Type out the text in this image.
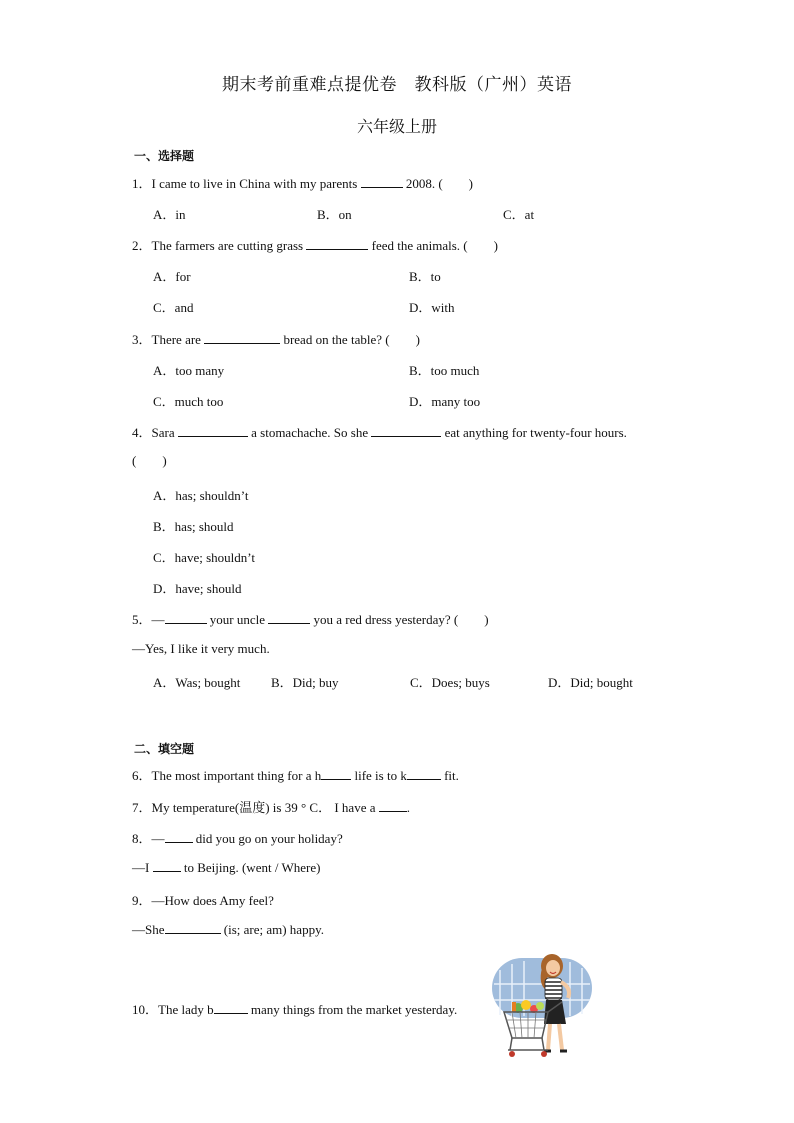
期末考前重难点提优卷　教科版（广州）英语
六年级上册
一、选择题
1．I came to live in China with my parents	2008. ( )
A．in	B．on	C．at
2．The farmers are cutting grass	feed the animals. ( )
A．for	B．to
C．and	D．with
3．There are	bread on the table? ( )
A．too many	B．too much
C．much too	D．many too
4．Sara	a stomachache. So she	eat anything for twenty-four hours.
( )
A．has; shouldn’t
B．has; should
C．have; shouldn’t
D．have; should
5．—	your uncle	you a red dress yesterday? ( )
—Yes, I like it very much.
A．Was; bought B．Did; buy	C．Does; buys	D．Did; bought
二、填空题
6．The most important thing for a h	life is to k	fit.
7．My temperature(温度) is 39 ° C． I have a .
8．— did you go on your holiday?
—I	to Beijing. (went / Where)
9．—How does Amy feel?
—She	(is; are; am) happy.
10．The lady b	many things from the market yesterday.
